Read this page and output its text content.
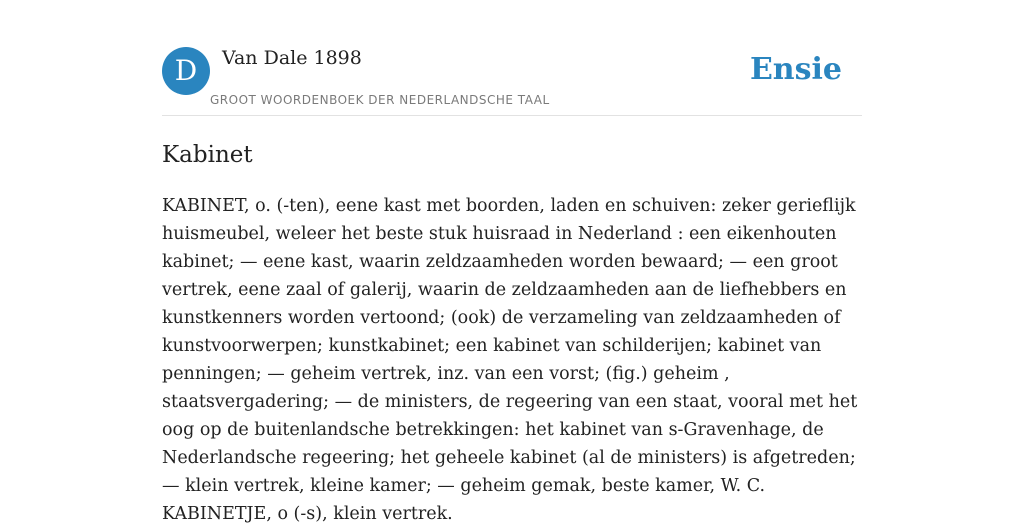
D	Van Dale 1898
GROOT WOORDENBOEK DER NEDERLANDSCHE TAAL
Ensie
Kabinet

KABINET, o. (-ten), eene kast met boorden, laden en schuiven: zeker gerieflijk huismeubel, weleer het beste stuk huisraad in Nederland : een eikenhouten kabinet; — eene kast, waarin zeldzaamheden worden bewaard; — een groot vertrek, eene zaal of galerij, waarin de zeldzaamheden aan de liefhebbers en kunstkenners worden vertoond; (ook) de verzameling van zeldzaamheden of kunstvoorwerpen; kunstkabinet; een kabinet van schilderijen; kabinet van penningen; — geheim vertrek, inz. van een vorst; (fig.) geheim , staatsvergadering; — de ministers, de regeering van een staat, vooral met het oog op de buitenlandsche betrekkingen: het kabinet van s-Gravenhage, de Nederlandsche regeering; het geheele kabinet (al de ministers) is afgetreden; — klein vertrek, kleine kamer; — geheim gemak, beste kamer, W. C. KABINETJE, o (-s), klein vertrek.
